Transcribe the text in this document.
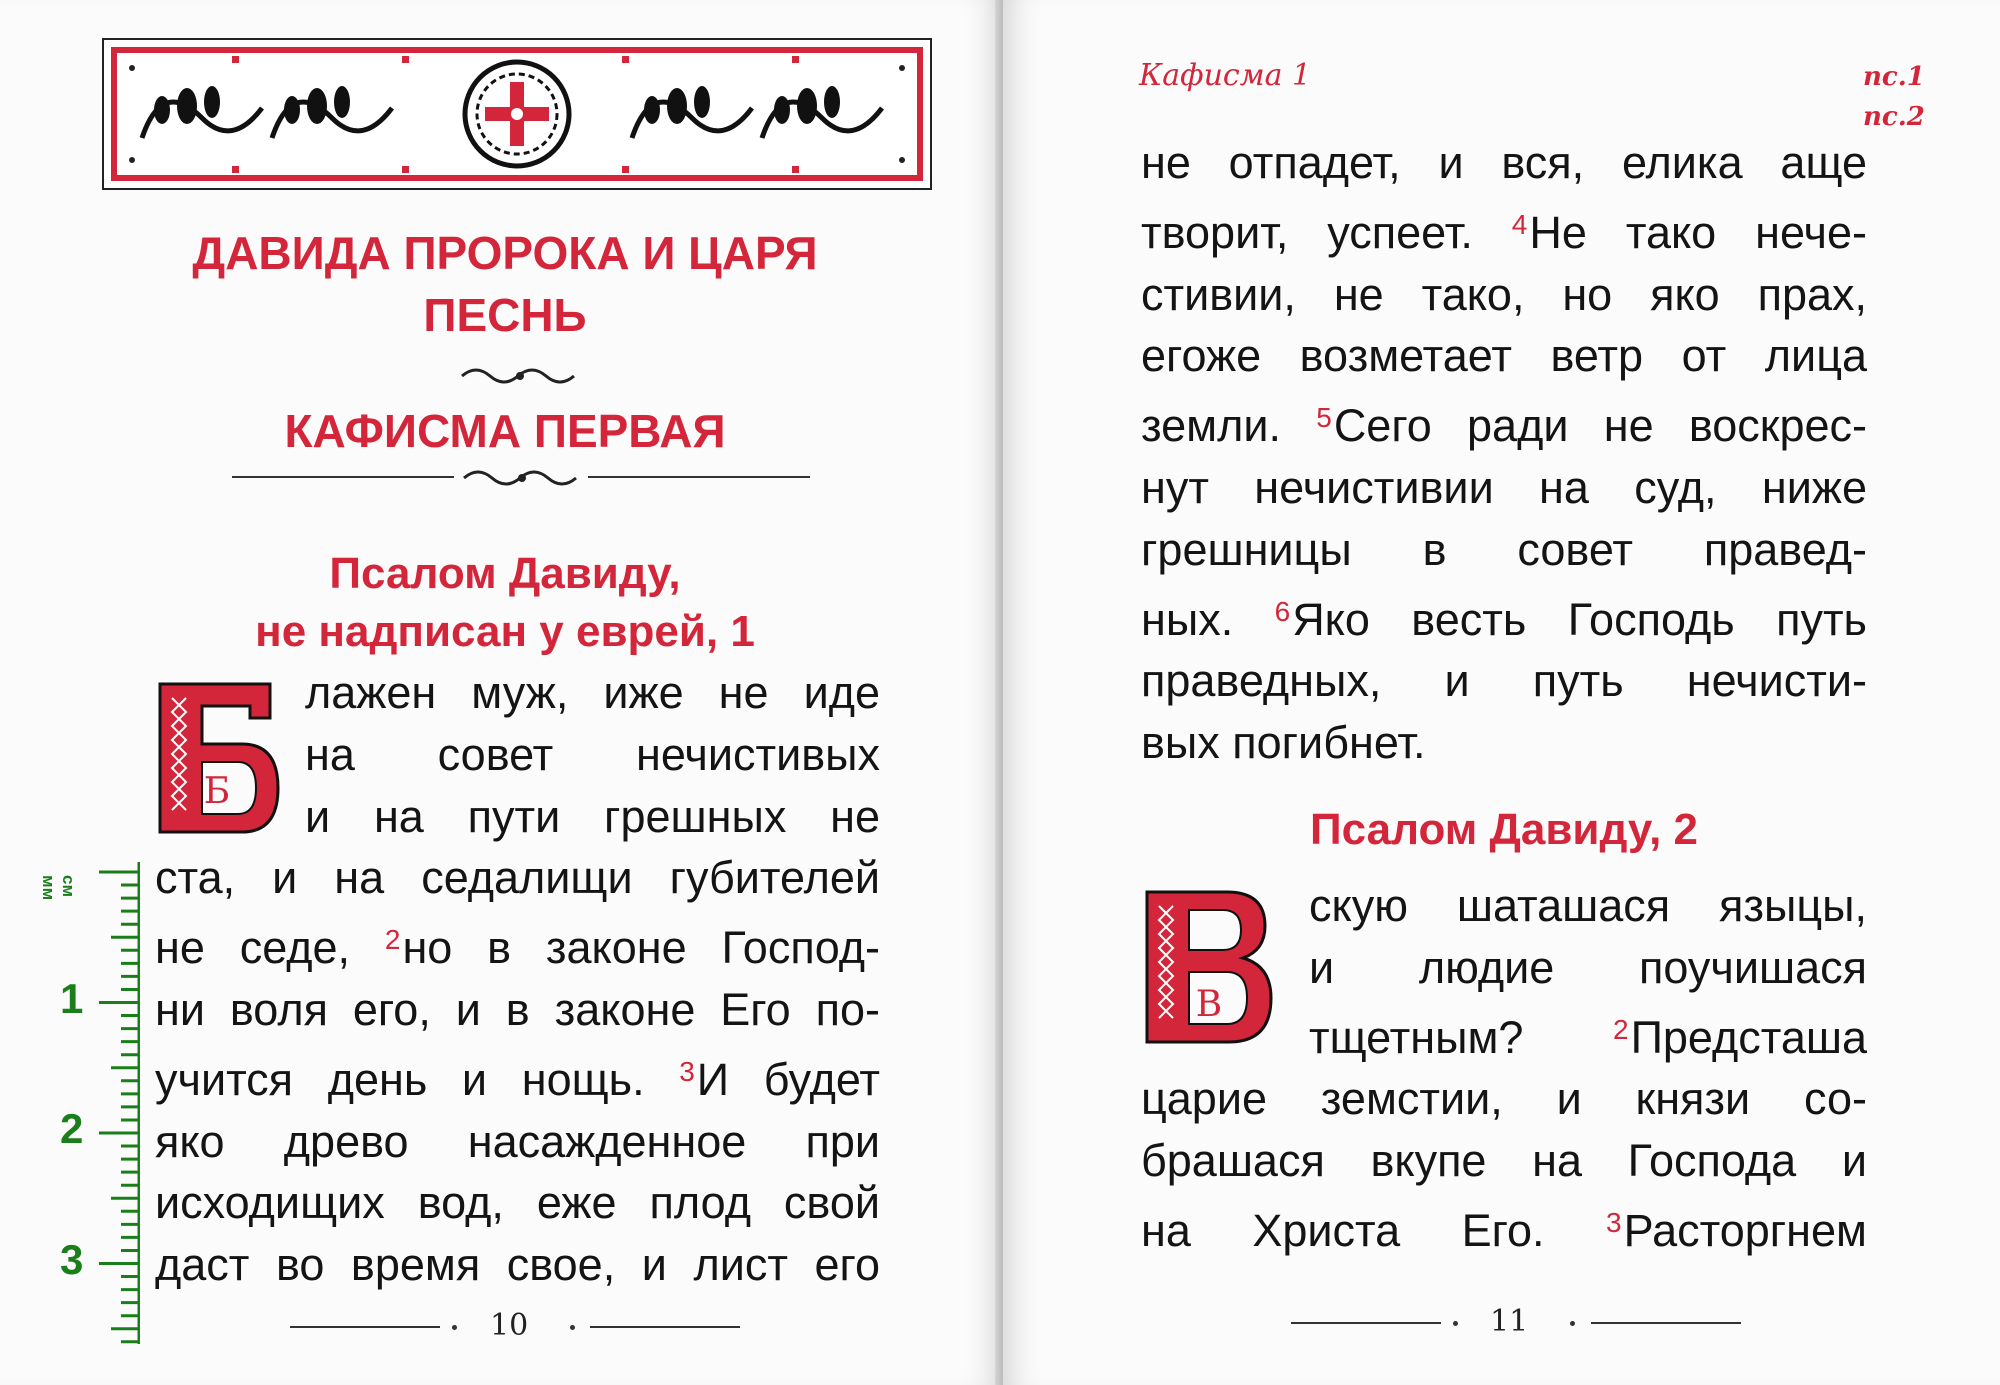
ДАВИДА ПРОРОКА И ЦАРЯ
ПЕСНЬ
КАФИСМА ПЕРВАЯ
Псалом Давиду,
не надписан у еврей, 1
Б
лажен муж, иже не иде
на совет нечистивых
и на пути грешных не
ста, и на седалищи губителей
не седе, $^2$но в законе Господ-
ни воля его, и в законе Его по-
учится день и нощь. $^3$И будет
яко древо насажденное при
исходищих вод, еже плод свой
даст во время свое, и лист его
10
мм см
1
2
3
Кафисма 1	пс.1
пс.2
не отпадет, и вся, елика аще
творит, успеет. $^4$Не тако нече-
стивии, не тако, но яко прах,
егоже возметает ветр от лица
земли. $^5$Сего ради не воскрес-
нут нечистивии на суд, ниже
грешницы в совет правед-
ных. $^6$Яко весть Господь путь
праведных, и путь нечисти-
вых погибнет.
Псалом Давиду, 2
В
скую шаташася языцы,
и людие поучишася
тщетным? $^2$Предсташа
царие земстии, и князи со-
брашася вкупе на Господа и
на Христа Его. $^3$Расторгнем
11
